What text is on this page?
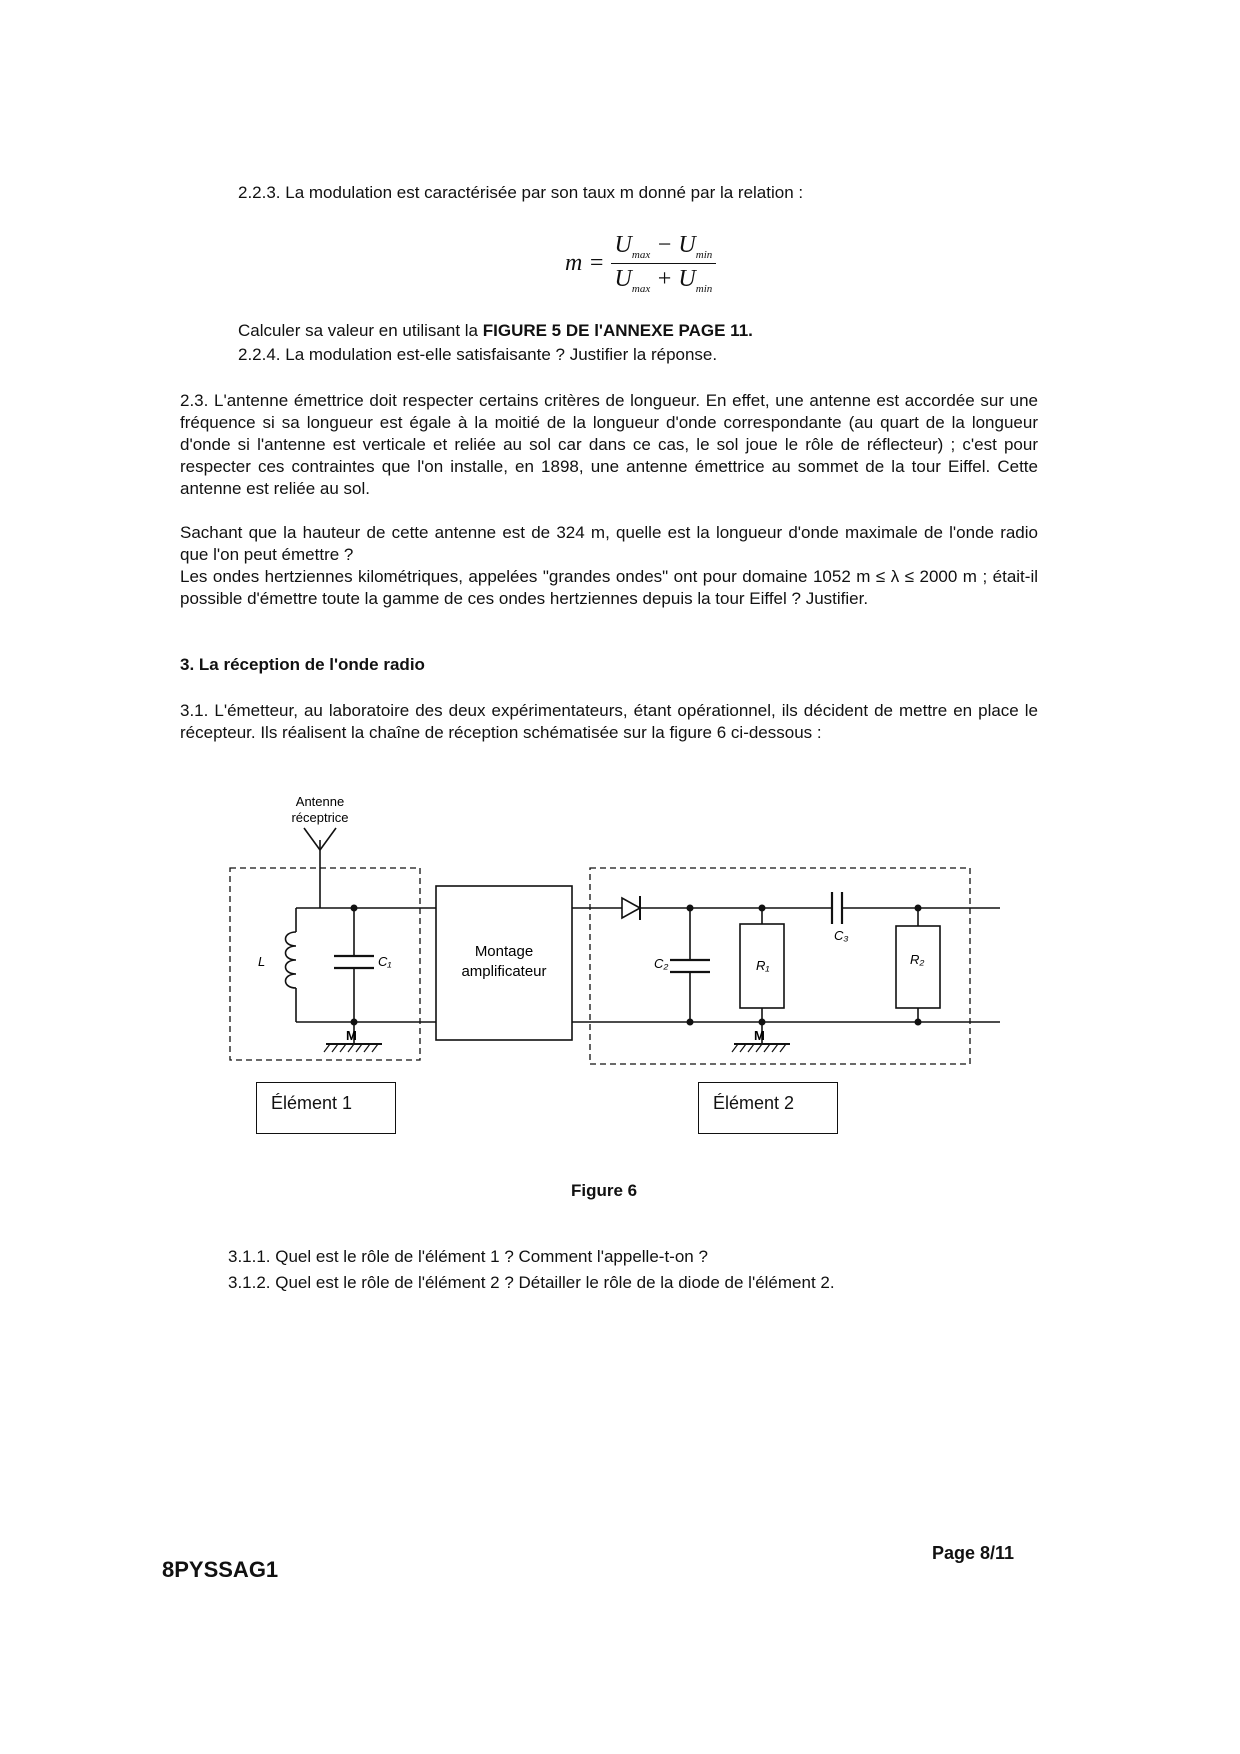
2.2.3. La modulation est caractérisée par son taux m donné par la relation :
$m = \frac{U_{max} - U_{min}}{U_{max} + U_{min}}$
Calculer sa valeur en utilisant la FIGURE 5 DE l'ANNEXE PAGE 11.
2.2.4. La modulation est-elle satisfaisante ? Justifier la réponse.
2.3. L'antenne émettrice doit respecter certains critères de longueur. En effet, une antenne est accordée sur une fréquence si sa longueur est égale à la moitié de la longueur d'onde correspondante (au quart de la longueur d'onde si l'antenne est verticale et reliée au sol car dans ce cas, le sol joue le rôle de réflecteur) ; c'est pour respecter ces contraintes que l'on installe, en 1898, une antenne émettrice au sommet de la tour Eiffel. Cette antenne est reliée au sol.
Sachant que la hauteur de cette antenne est de 324 m, quelle est la longueur d'onde maximale de l'onde radio que l'on peut émettre ?
Les ondes hertziennes kilométriques, appelées "grandes ondes" ont pour domaine 1052 m ≤ λ ≤ 2000 m ; était-il possible d'émettre toute la gamme de ces ondes hertziennes depuis la tour Eiffel ? Justifier.
3. La réception de l'onde radio
3.1. L'émetteur, au laboratoire des deux expérimentateurs, étant opérationnel, ils décident de mettre en place le récepteur. Ils réalisent la chaîne de réception schématisée sur la figure 6 ci-dessous :
Antenne
réceptrice
L	C₁
Montage
amplificateur	C₂	R₁
C₃
R₂
M	M
Élément 1	Élément 2
Figure 6
3.1.1. Quel est le rôle de l'élément 1 ? Comment l'appelle-t-on ?
3.1.2. Quel est le rôle de l'élément 2 ? Détailler le rôle de la diode de l'élément 2.
8PYSSAG1
Page 8/11
